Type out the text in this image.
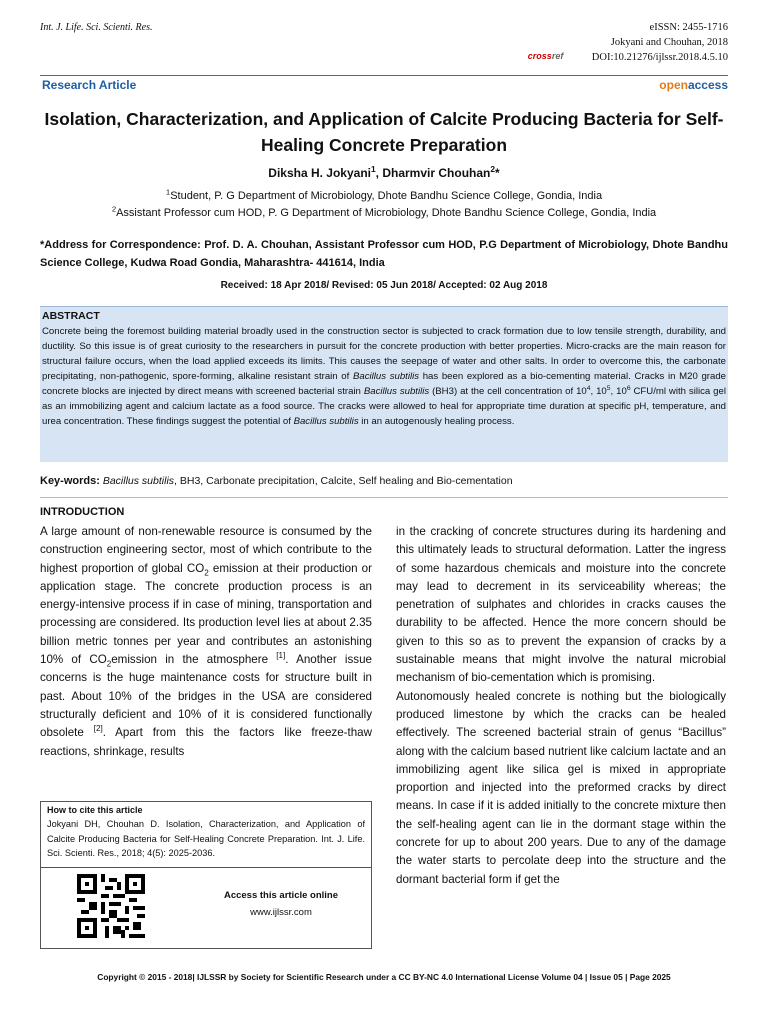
Int. J. Life. Sci. Scienti. Res.	eISSN: 2455-1716
Jokyani and Chouhan, 2018
DOI:10.21276/ijlssr.2018.4.5.10
crossref
Research Article	openaccess
Isolation, Characterization, and Application of Calcite Producing Bacteria for Self-Healing Concrete Preparation
Diksha H. Jokyani$^1$, Dharmvir Chouhan$^2$*
$^1$Student, P. G Department of Microbiology, Dhote Bandhu Science College, Gondia, India
$^2$Assistant Professor cum HOD, P. G Department of Microbiology, Dhote Bandhu Science College, Gondia, India
*Address for Correspondence: Prof. D. A. Chouhan, Assistant Professor cum HOD, P.G Department of Microbiology, Dhote Bandhu Science College, Kudwa Road Gondia, Maharashtra- 441614, India
Received: 18 Apr 2018/ Revised: 05 Jun 2018/ Accepted: 02 Aug 2018
ABSTRACT
Concrete being the foremost building material broadly used in the construction sector is subjected to crack formation due to low tensile strength, durability, and ductility. So this issue is of great curiosity to the researchers in pursuit for the concrete production with better properties. Micro-cracks are the main reason for structural failure occurs, when the load applied exceeds its limits. This causes the seepage of water and other salts. In order to overcome this, the carbonate precipitating, non-pathogenic, spore-forming, alkaline resistant strain of Bacillus subtilis has been explored as a bio-cementing material. Cracks in M20 grade concrete blocks are injected by direct means with screened bacterial strain Bacillus subtilis (BH3) at the cell concentration of $10^4$, $10^5$, $10^6$ CFU/ml with silica gel as an immobilizing agent and calcium lactate as a food source. The cracks were allowed to heal for appropriate time duration at specific pH, temperature, and urea concentration. These findings suggest the potential of Bacillus subtilis in an autogenously healing process.
Key-words: Bacillus subtilis, BH3, Carbonate precipitation, Calcite, Self healing and Bio-cementation
INTRODUCTION
A large amount of non-renewable resource is consumed by the construction engineering sector, most of which contribute to the highest proportion of global $CO_2$ emission at their production or application stage. The concrete production process is an energy-intensive process if in case of mining, transportation and processing are considered. Its production level lies at about 2.35 billion metric tonnes per year and contributes an astonishing 10% of $CO_2emission$ in the atmosphere [1]. Another issue concerns is the huge maintenance costs for structure built in past. About 10% of the bridges in the USA are considered structurally deficient and 10% of it is considered functionally obsolete [2]. Apart from this the factors like freeze-thaw reactions, shrinkage, results
in the cracking of concrete structures during its hardening and this ultimately leads to structural deformation. Latter the ingress of some hazardous chemicals and moisture into the concrete may lead to decrement in its serviceability whereas; the penetration of sulphates and chlorides in cracks causes the durability to be affected. Hence the more concern should be given to this so as to prevent the expansion of cracks by a sustainable means that might involve the natural microbial mechanism of bio-cementation which is promising.
Autonomously healed concrete is nothing but the biologically produced limestone by which the cracks can be healed effectively. The screened bacterial strain of genus “Bacillus” along with the calcium based nutrient like calcium lactate and an immobilizing agent like silica gel is mixed in appropriate proportion and injected into the preformed cracks by direct means. In case if it is added initially to the concrete mixture then the self-healing agent can lie in the dormant stage within the concrete for up to about 200 years. Due to any of the damage the water starts to percolate deep into the structure and the dormant bacterial form if get the
How to cite this article
Jokyani DH, Chouhan D. Isolation, Characterization, and Application of Calcite Producing Bacteria for Self-Healing Concrete Preparation. Int. J. Life. Sci. Scienti. Res., 2018; 4(5): 2025-2036.
Access this article online
www.ijlssr.com
Copyright © 2015 - 2018| IJLSSR by Society for Scientific Research under a CC BY-NC 4.0 International License Volume 04 | Issue 05 | Page 2025
